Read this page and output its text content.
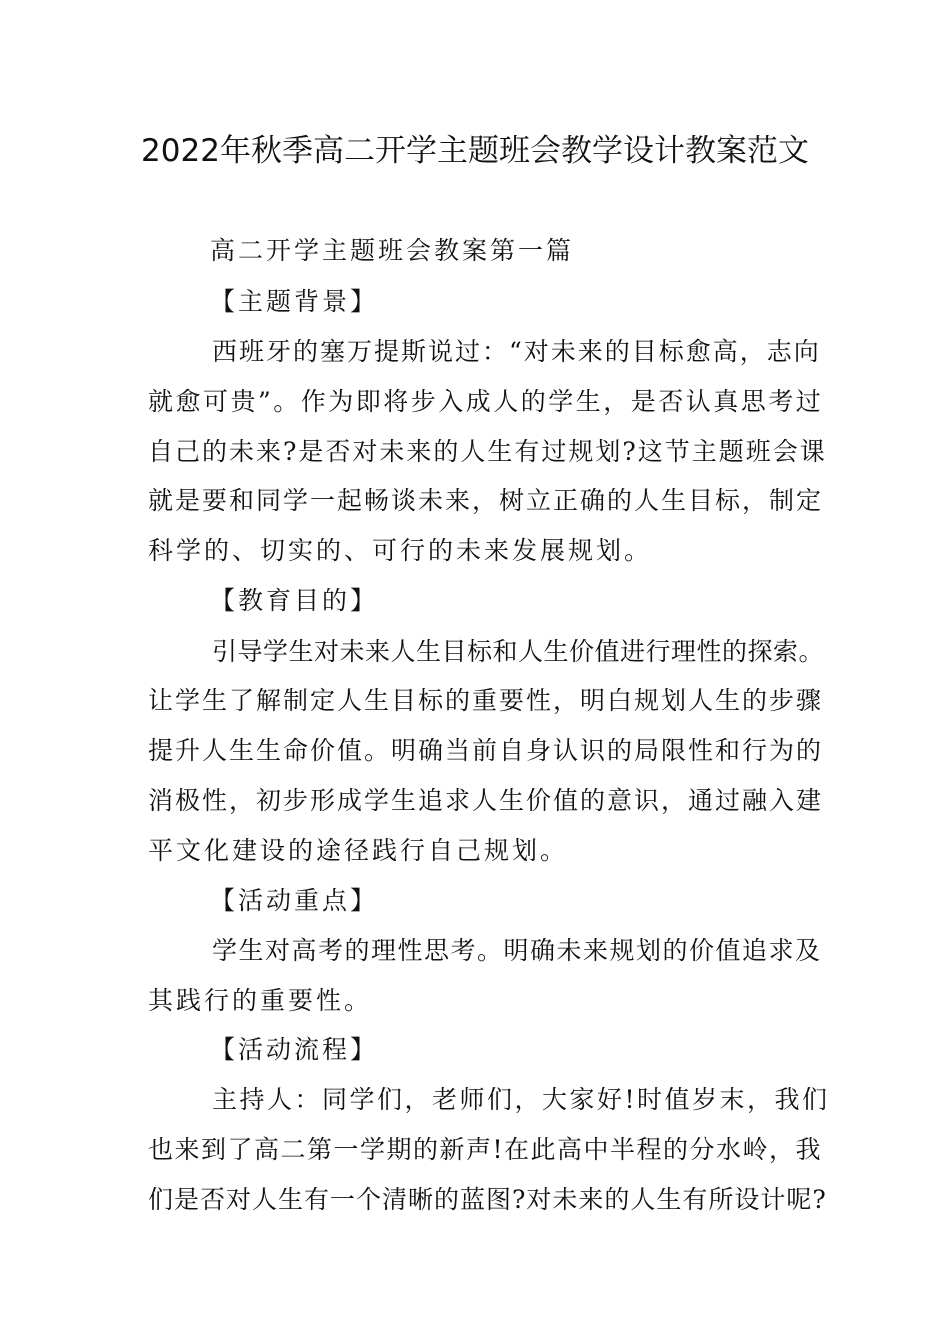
2022年秋季高二开学主题班会教学设计教案范文
高二开学主题班会教案第一篇
【主题背景】
西班牙的塞万提斯说过：“对未来的目标愈高，志向
就愈可贵”。作为即将步入成人的学生，是否认真思考过
自己的未来?是否对未来的人生有过规划?这节主题班会课
就是要和同学一起畅谈未来，树立正确的人生目标，制定
科学的、切实的、可行的未来发展规划。
【教育目的】
引导学生对未来人生目标和人生价值进行理性的探索。
让学生了解制定人生目标的重要性，明白规划人生的步骤
提升人生生命价值。明确当前自身认识的局限性和行为的
消极性，初步形成学生追求人生价值的意识，通过融入建
平文化建设的途径践行自己规划。
【活动重点】
学生对高考的理性思考。明确未来规划的价值追求及
其践行的重要性。
【活动流程】
主持人：同学们，老师们，大家好!时值岁末，我们
也来到了高二第一学期的新声!在此高中半程的分水岭，我
们是否对人生有一个清晰的蓝图?对未来的人生有所设计呢?
